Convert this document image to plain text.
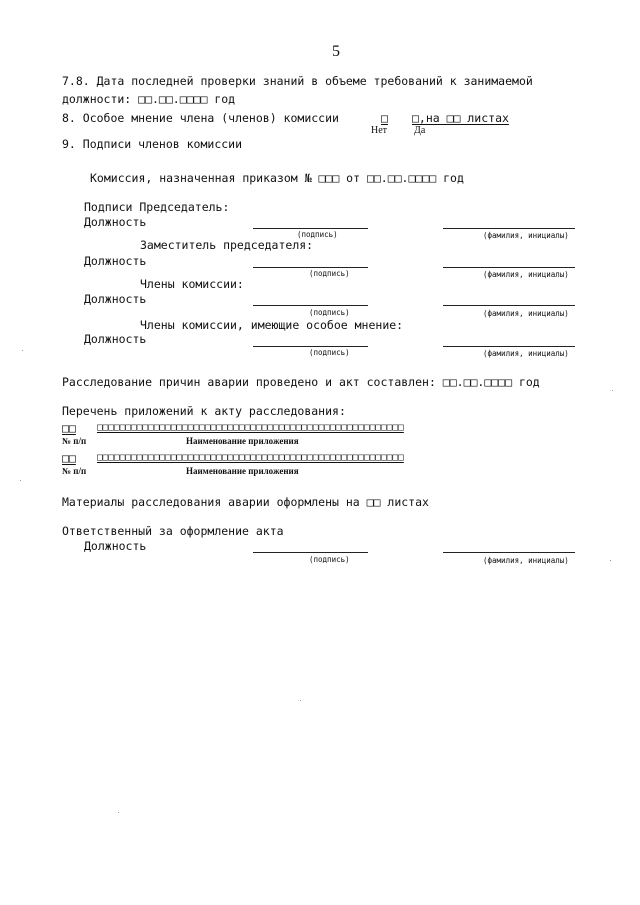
5
7.8. Дата последней проверки знаний в объеме требований к занимаемой
должности: □□.□□.□□□□ год
8. Особое мнение члена (членов) комиссии	□ □,на □□ листах
Нет	Да
9. Подписи членов комиссии
Комиссия, назначенная приказом № □□□ от □□.□□.□□□□ год
Подписи Председатель:
Должность
(подпись)	(фамилия, инициалы)
Заместитель председателя:
Должность
(подпись)	(фамилия, инициалы)
Члены комиссии:
Должность
(подпись)	(фамилия, инициалы)
Члены комиссии, имеющие особое мнение:
Должность
(подпись)	(фамилия, инициалы)
Расследование причин аварии проведено и акт составлен: □□.□□.□□□□ год
Перечень приложений к акту расследования:
□□ □□□□□□□□□□□□□□□□□□□□□□□□□□□□□□□□□□□□□□□□□□□□□□□□□□□□□□
№ п/п	Наименование приложения
□□ □□□□□□□□□□□□□□□□□□□□□□□□□□□□□□□□□□□□□□□□□□□□□□□□□□□□□□
№ п/п	Наименование приложения
Материалы расследования аварии оформлены на □□ листах
Ответственный за оформление акта
Должность
(подпись)	(фамилия, инициалы)
